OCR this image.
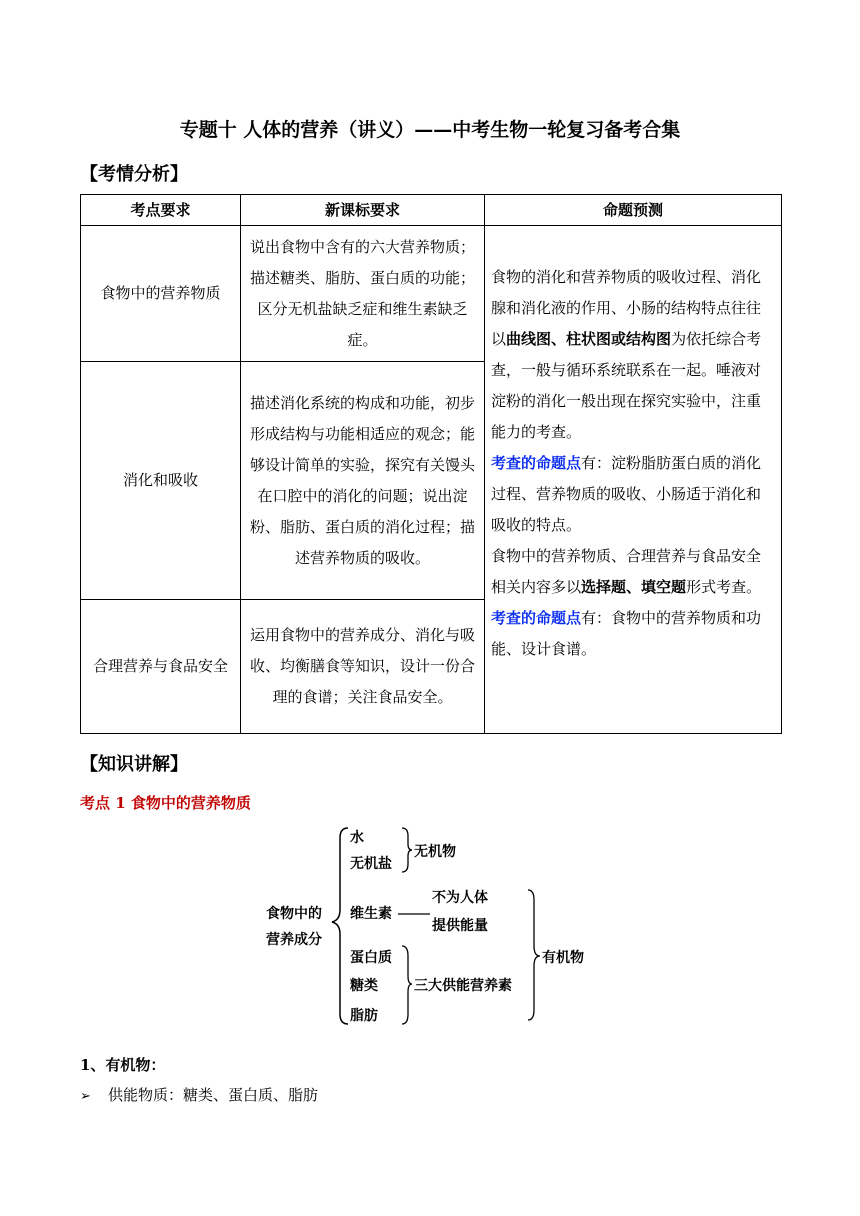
专题十 人体的营养（讲义）——中考生物一轮复习备考合集
【考情分析】
考点要求	新课标要求	命题预测
食物中的营养物质	说出食物中含有的六大营养物质；描述糖类、脂肪、蛋白质的功能；区分无机盐缺乏症和维生素缺乏症。	食物的消化和营养物质的吸收过程、消化腺和消化液的作用、小肠的结构特点往往以曲线图、柱状图或结构图为依托综合考查，一般与循环系统联系在一起。唾液对淀粉的消化一般出现在探究实验中，注重能力的考查。
考查的命题点有：淀粉脂肪蛋白质的消化过程、营养物质的吸收、小肠适于消化和吸收的特点。
食物中的营养物质、合理营养与食品安全相关内容多以选择题、填空题形式考查。考查的命题点有：食物中的营养物质和功能、设计食谱。
消化和吸收	描述消化系统的构成和功能，初步形成结构与功能相适应的观念；能够设计简单的实验，探究有关馒头在口腔中的消化的问题；说出淀粉、脂肪、蛋白质的消化过程；描述营养物质的吸收。	
合理营养与食品安全	运用食物中的营养成分、消化与吸收、均衡膳食等知识，设计一份合理的食谱；关注食品安全。	
【知识讲解】
考点 1 食物中的营养物质
食物中的
营养成分
水
无机盐
无机物
维生素
不为人体
提供能量
蛋白质
糖类
脂肪
三大供能营养素
有机物
1、有机物：
➢ 供能物质：糖类、蛋白质、脂肪
